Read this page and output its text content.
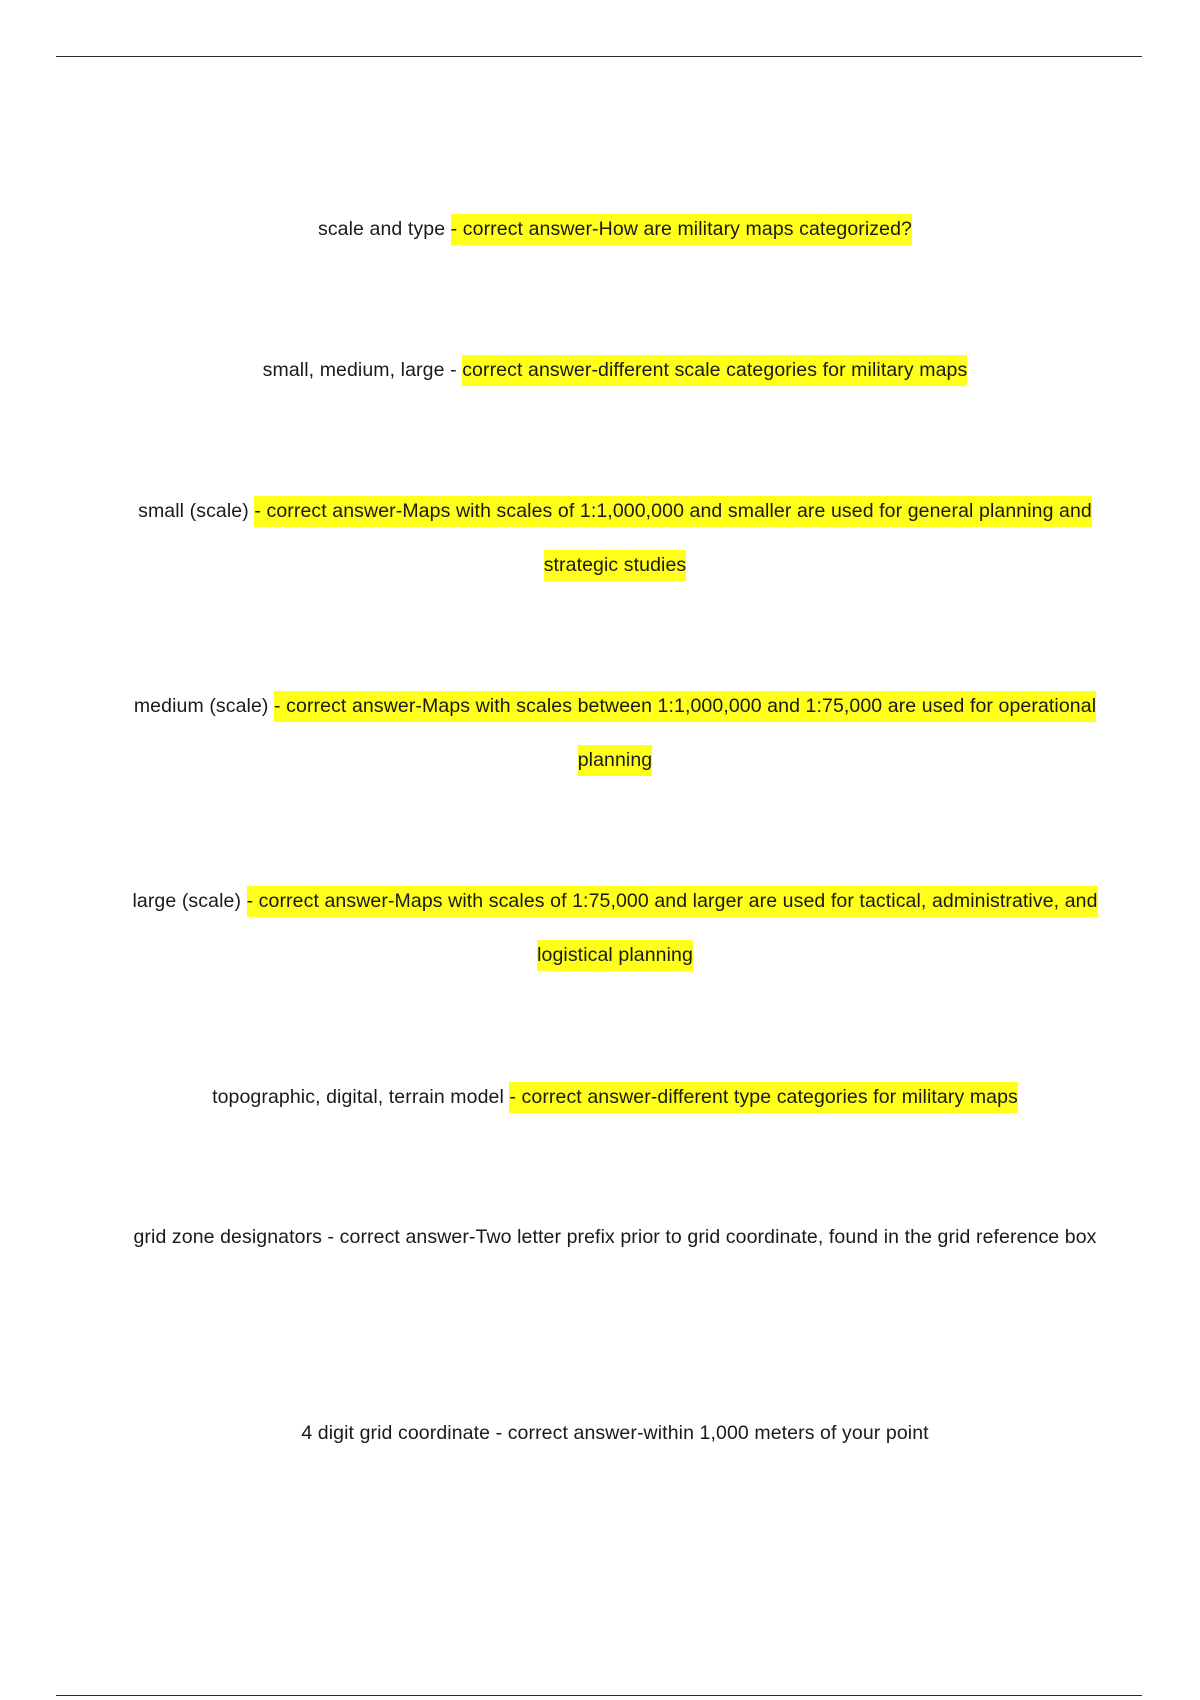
scale and type - correct answer-How are military maps categorized?
small, medium, large - correct answer-different scale categories for military maps
small (scale) - correct answer-Maps with scales of 1:1,000,000 and smaller are used for general planning and strategic studies
medium (scale) - correct answer-Maps with scales between 1:1,000,000 and 1:75,000 are used for operational planning
large (scale) - correct answer-Maps with scales of 1:75,000 and larger are used for tactical, administrative, and logistical planning
topographic, digital, terrain model - correct answer-different type categories for military maps
grid zone designators - correct answer-Two letter prefix prior to grid coordinate, found in the grid reference box
4 digit grid coordinate - correct answer-within 1,000 meters of your point
